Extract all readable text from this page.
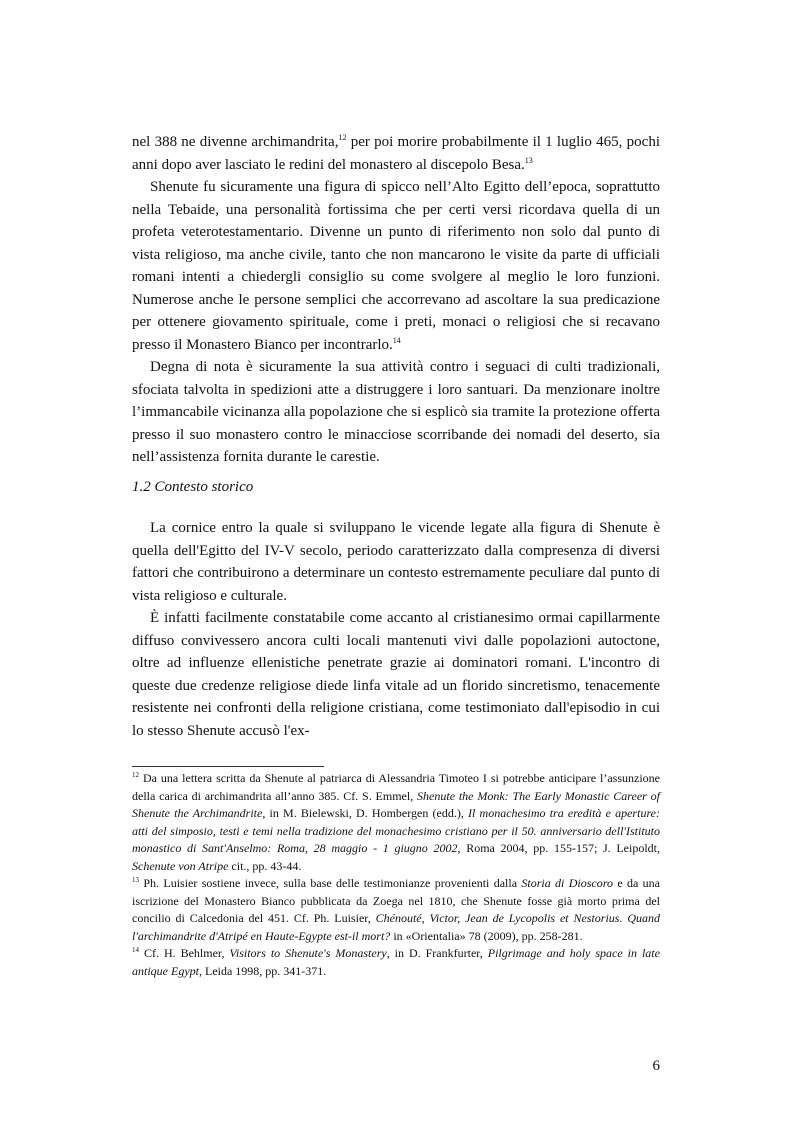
nel 388 ne divenne archimandrita,$^{12}$ per poi morire probabilmente il 1 luglio 465, pochi anni dopo aver lasciato le redini del monastero al discepolo Besa.$^{13}$

Shenute fu sicuramente una figura di spicco nell’Alto Egitto dell’epoca, soprattutto nella Tebaide, una personalità fortissima che per certi versi ricordava quella di un profeta veterotestamentario. Divenne un punto di riferimento non solo dal punto di vista religioso, ma anche civile, tanto che non mancarono le visite da parte di ufficiali romani intenti a chiedergli consiglio su come svolgere al meglio le loro funzioni. Numerose anche le persone semplici che accorrevano ad ascoltare la sua predicazione per ottenere giovamento spirituale, come i preti, monaci o religiosi che si recavano presso il Monastero Bianco per incontrarlo.$^{14}$

Degna di nota è sicuramente la sua attività contro i seguaci di culti tradizionali, sfociata talvolta in spedizioni atte a distruggere i loro santuari. Da menzionare inoltre l’immancabile vicinanza alla popolazione che si esplicò sia tramite la protezione offerta presso il suo monastero contro le minacciose scorribande dei nomadi del deserto, sia nell’assistenza fornita durante le carestie.

1.2 Contesto storico

La cornice entro la quale si sviluppano le vicende legate alla figura di Shenute è quella dell'Egitto del IV-V secolo, periodo caratterizzato dalla compresenza di diversi fattori che contribuirono a determinare un contesto estremamente peculiare dal punto di vista religioso e culturale.

È infatti facilmente constatabile come accanto al cristianesimo ormai capillarmente diffuso convivessero ancora culti locali mantenuti vivi dalle popolazioni autoctone, oltre ad influenze ellenistiche penetrate grazie ai dominatori romani. L'incontro di queste due credenze religiose diede linfa vitale ad un florido sincretismo, tenacemente resistente nei confronti della religione cristiana, come testimoniato dall'episodio in cui lo stesso Shenute accusò l'ex-

$^{12}$ Da una lettera scritta da Shenute al patriarca di Alessandria Timoteo I si potrebbe anticipare l’assunzione della carica di archimandrita all’anno 385. Cf. S. Emmel, Shenute the Monk: The Early Monastic Career of Shenute the Archimandrite, in M. Bielewski, D. Hombergen (edd.), Il monachesimo tra eredità e aperture: atti del simposio, testi e temi nella tradizione del monachesimo cristiano per il 50. anniversario dell'Istituto monastico di Sant'Anselmo: Roma, 28 maggio - 1 giugno 2002, Roma 2004, pp. 155-157; J. Leipoldt, Schenute von Atripe cit., pp. 43-44.

$^{13}$ Ph. Luisier sostiene invece, sulla base delle testimonianze provenienti dalla Storia di Dioscoro e da una iscrizione del Monastero Bianco pubblicata da Zoega nel 1810, che Shenute fosse già morto prima del concilio di Calcedonia del 451. Cf. Ph. Luisier, Chénouté, Victor, Jean de Lycopolis et Nestorius. Quand l'archimandrite d'Atripé en Haute-Egypte est-il mort? in «Orientalia» 78 (2009), pp. 258-281.

$^{14}$ Cf. H. Behlmer, Visitors to Shenute's Monastery, in D. Frankfurter, Pilgrimage and holy space in late antique Egypt, Leida 1998, pp. 341-371.

6
